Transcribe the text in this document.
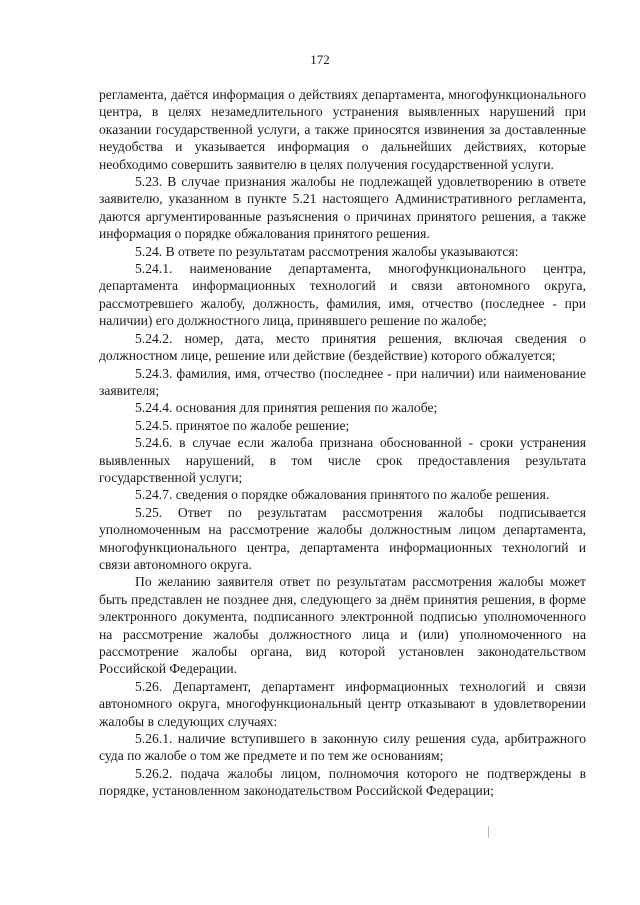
172

регламента, даётся информация о действиях департамента, многофункционального центра, в целях незамедлительного устранения выявленных нарушений при оказании государственной услуги, а также приносятся извинения за доставленные неудобства и указывается информация о дальнейших действиях, которые необходимо совершить заявителю в целях получения государственной услуги.

5.23. В случае признания жалобы не подлежащей удовлетворению в ответе заявителю, указанном в пункте 5.21 настоящего Административного регламента, даются аргументированные разъяснения о причинах принятого решения, а также информация о порядке обжалования принятого решения.

5.24. В ответе по результатам рассмотрения жалобы указываются:

5.24.1. наименование департамента, многофункционального центра, департамента информационных технологий и связи автономного округа, рассмотревшего жалобу, должность, фамилия, имя, отчество (последнее - при наличии) его должностного лица, принявшего решение по жалобе;

5.24.2. номер, дата, место принятия решения, включая сведения о должностном лице, решение или действие (бездействие) которого обжалуется;

5.24.3. фамилия, имя, отчество (последнее - при наличии) или наименование заявителя;

5.24.4. основания для принятия решения по жалобе;

5.24.5. принятое по жалобе решение;

5.24.6. в случае если жалоба признана обоснованной - сроки устранения выявленных нарушений, в том числе срок предоставления результата государственной услуги;

5.24.7. сведения о порядке обжалования принятого по жалобе решения.

5.25. Ответ по результатам рассмотрения жалобы подписывается уполномоченным на рассмотрение жалобы должностным лицом департамента, многофункционального центра, департамента информационных технологий и связи автономного округа.

По желанию заявителя ответ по результатам рассмотрения жалобы может быть представлен не позднее дня, следующего за днём принятия решения, в форме электронного документа, подписанного электронной подписью уполномоченного на рассмотрение жалобы должностного лица и (или) уполномоченного на рассмотрение жалобы органа, вид которой установлен законодательством Российской Федерации.

5.26. Департамент, департамент информационных технологий и связи автономного округа, многофункциональный центр отказывают в удовлетворении жалобы в следующих случаях:

5.26.1. наличие вступившего в законную силу решения суда, арбитражного суда по жалобе о том же предмете и по тем же основаниям;

5.26.2. подача жалобы лицом, полномочия которого не подтверждены в порядке, установленном законодательством Российской Федерации;
